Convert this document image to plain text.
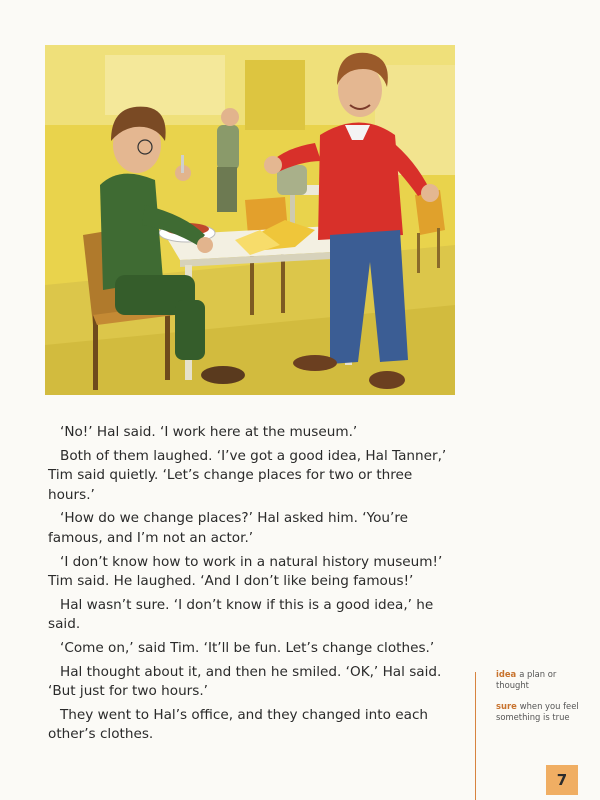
‘No!’ Hal said. ‘I work here at the museum.’

Both of them laughed. ‘I’ve got a good idea, Hal Tanner,’ Tim said quietly. ‘Let’s change places for two or three hours.’

‘How do we change places?’ Hal asked him. ‘You’re famous, and I’m not an actor.’

‘I don’t know how to work in a natural history museum!’ Tim said. He laughed. ‘And I don’t like being famous!’

Hal wasn’t sure. ‘I don’t know if this is a good idea,’ he said.

‘Come on,’ said Tim. ‘It’ll be fun. Let’s change clothes.’

Hal thought about it, and then he smiled. ‘OK,’ Hal said. ‘But just for two hours.’

They went to Hal’s office, and they changed into each other’s clothes.

idea a plan or thought
sure when you feel something is true
7
